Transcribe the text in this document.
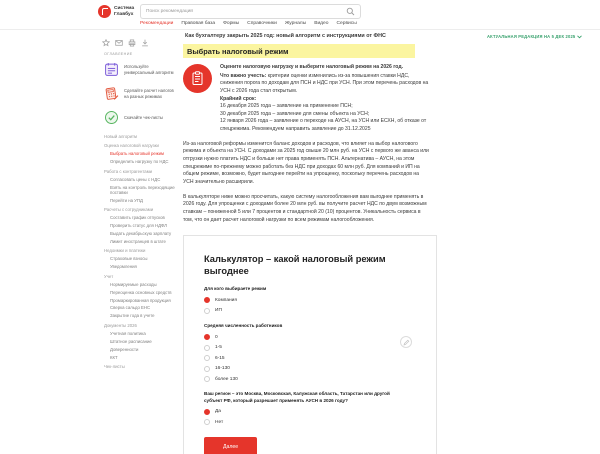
Система
Главбух
Поиск рекомендаций
Рекомендации Правовая база Формы Справочники Журналы Видео Сервисы
Как бухгалтеру закрыть 2025 год: новый алгоритм с инструкциями от ФНС	АКТУАЛЬНАЯ РЕДАКЦИЯ НА 5 ДЕК 2025
ОГЛАВЛЕНИЕ
Используйте универсальный алгоритм
Сделайте расчет налогов на разных режимах
Скачайте чек-листы
Новый алгоритм
Оценка налоговой нагрузки
Выбрать налоговый режим
Определить нагрузку по НДС
Работа с контрагентами
Согласовать цены с НДС
Взять на контроль переходящие поставки
Перейти на УПД
Расчеты с сотрудниками
Составить график отпусков
Проверить статус для НДФЛ
Выдать декабрьскую зарплату
Лимит иностранцев в штате
Недоимки и платежи
Страховые взносы
Уведомления
Учет
Нормируемые расходы
Переоценка основных средств
Промаркированная продукция
Сверка сальдо ЕНС
Закрытие года в учете
Документы 2026
Учетная политика
Штатное расписание
Доверенности
ККТ
Чек-листы
Выбрать налоговый режим
Оцените налоговую нагрузку и выберите налоговый режим на 2026 год.
Что важно учесть: критерии оценки изменились из-за повышения ставки НДС, снижения порога по доходам для ПСН и НДС при УСН. При этом перечень расходов на УСН с 2026 года стал открытым.
Крайний срок:
16 декабря 2025 года – заявление на применение ПСН;
30 декабря 2025 года – заявление для смены объекта на УСН;
12 января 2026 года – заявление о переходе на АУСН, на УСН или ЕСХН, об отказе от спецрежима. Рекомендуем направить заявление до 31.12.2025

Из-за налоговой реформы изменится баланс доходов и расходов, что влияет на выбор налогового режима и объекта на УСН. С доходами за 2025 год свыше 20 млн руб. на УСН с первого же аванса или отгрузки нужно платить НДС и больше нет права применять ПСН. Альтернатива – АУСН, на этом спецрежиме по-прежнему можно работать без НДС при доходах 60 млн руб. Для компаний и ИП на общем режиме, возможно, будет выгоднее перейти на упрощенку, поскольку перечень расходов на УСН значительно расширили.

В калькуляторе ниже можно просчитать, какую систему налогообложения вам выгоднее применять в 2026 году. Для упрощенки с доходами более 20 млн руб. вы получите расчет НДС по двум возможным ставкам – пониженной 5 или 7 процентов и стандартной 20 (10) процентов. Уникальность сервиса в том, что он дает расчет налоговой нагрузки по всем режимам налогообложения.

Калькулятор – какой налоговый режим выгоднее
Для кого выбираете режим
Компания
ИП
Средняя численность работников
0
1-5
6-15
16-130
более 130
Ваш регион – это Москва, Московская, Калужская область, Татарстан или другой субъект РФ, который разрешает применять АУСН в 2026 году?
Да
Нет
Далее
